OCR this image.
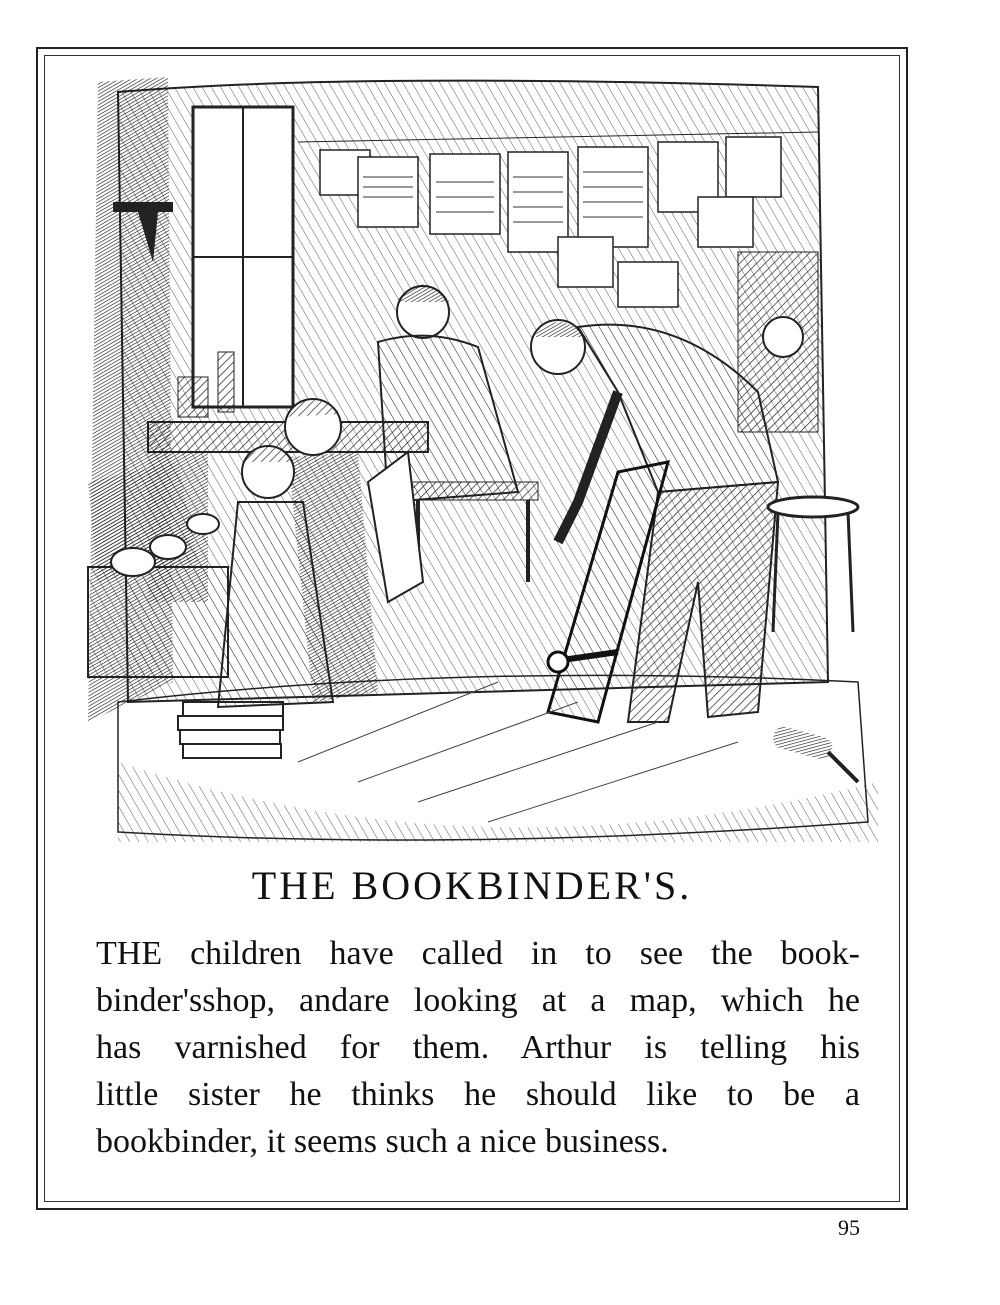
THE BOOKBINDER'S.
THE children have called in to see the book-
binder'sshop, andare looking at a map, which he
has varnished for them. Arthur is telling his
little sister he thinks he should like to be a
bookbinder, it seems such a nice business.
95
